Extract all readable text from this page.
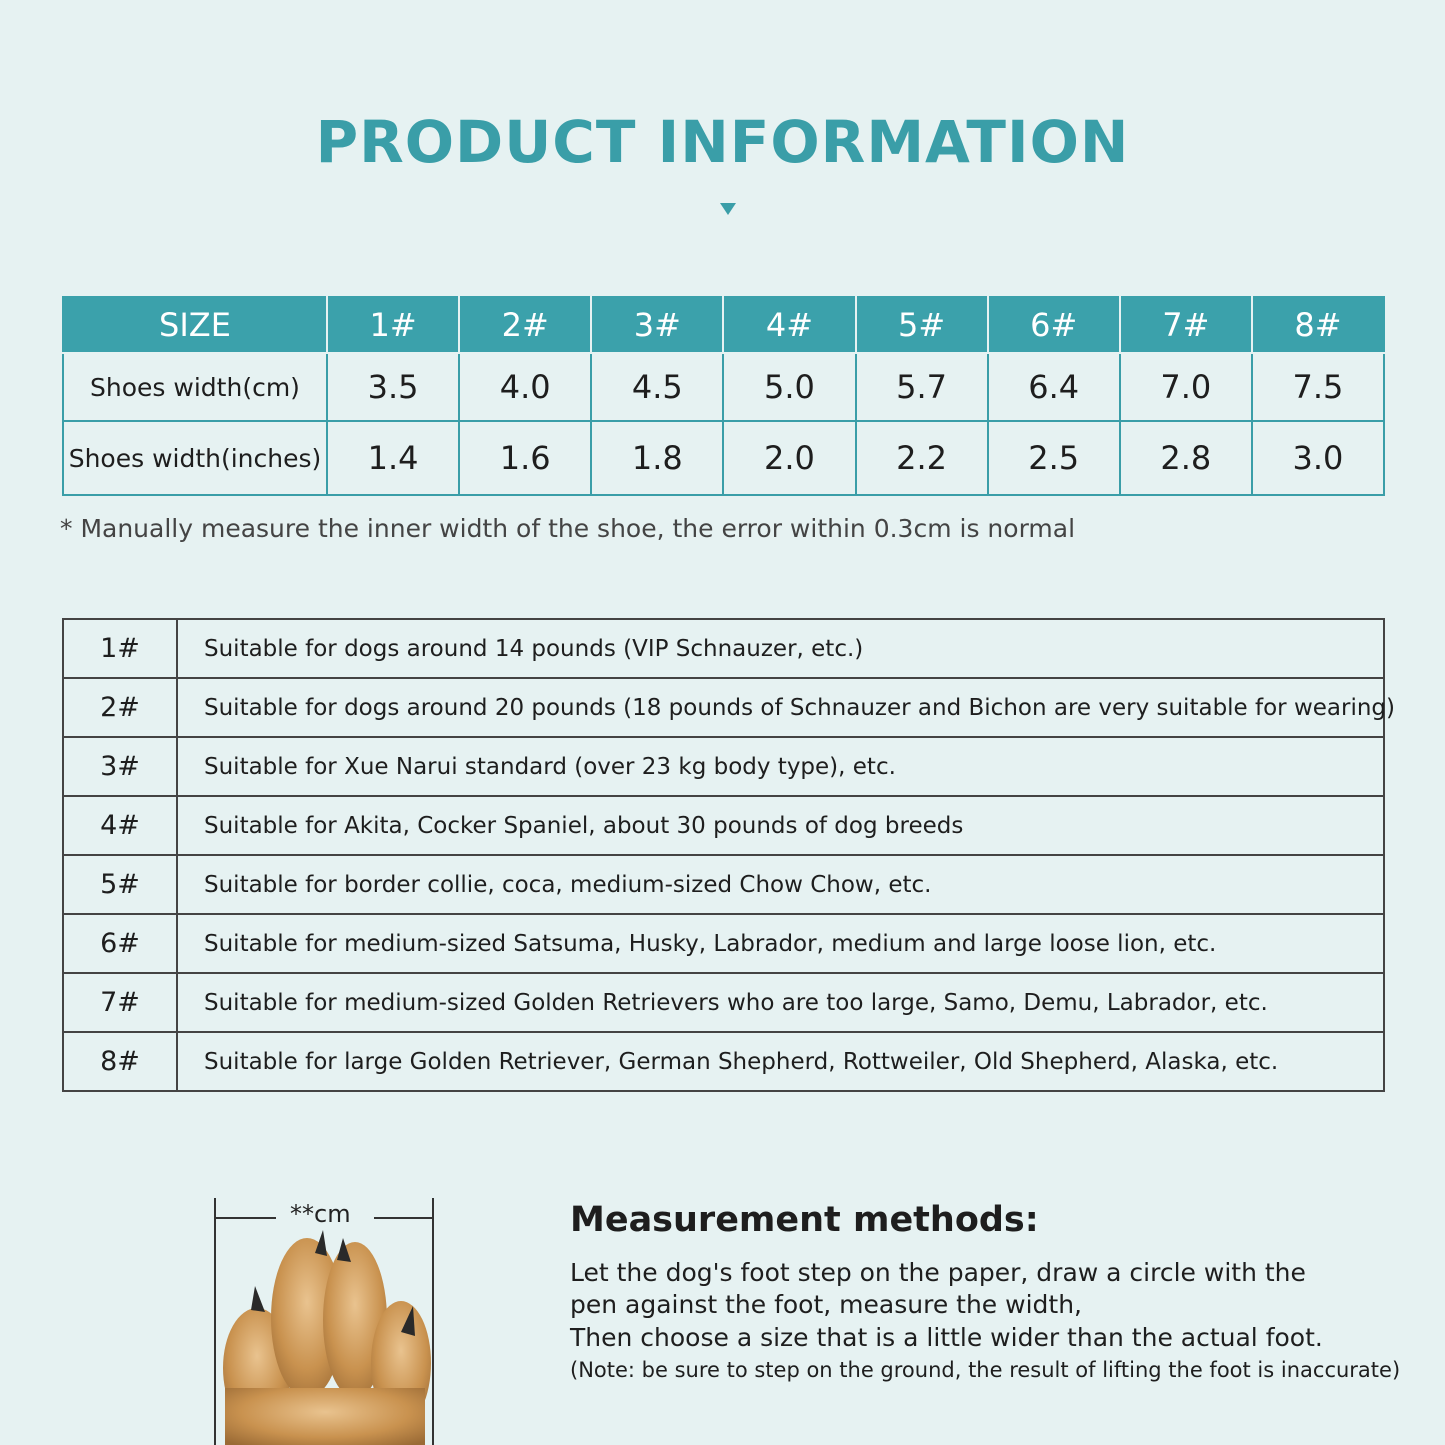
PRODUCT INFORMATION
SIZE	1#	2#	3#	4#	5#	6#	7#	8#
Shoes width(cm)	3.5	4.0	4.5	5.0	5.7	6.4	7.0	7.5
Shoes width(inches)	1.4	1.6	1.8	2.0	2.2	2.5	2.8	3.0
* Manually measure the inner width of the shoe, the error within 0.3cm is normal
1#	Suitable for dogs around 14 pounds (VIP Schnauzer, etc.)
2#	Suitable for dogs around 20 pounds (18 pounds of Schnauzer and Bichon are very suitable for wearing)
3#	Suitable for Xue Narui standard (over 23 kg body type), etc.
4#	Suitable for Akita, Cocker Spaniel, about 30 pounds of dog breeds
5#	Suitable for border collie, coca, medium-sized Chow Chow, etc.
6#	Suitable for medium-sized Satsuma, Husky, Labrador, medium and large loose lion, etc.
7#	Suitable for medium-sized Golden Retrievers who are too large, Samo, Demu, Labrador, etc.
8#	Suitable for large Golden Retriever, German Shepherd, Rottweiler, Old Shepherd, Alaska, etc.
**cm	Measurement methods:
Let the dog's foot step on the paper, draw a circle with the
pen against the foot, measure the width,
Then choose a size that is a little wider than the actual foot.
(Note: be sure to step on the ground, the result of lifting the foot is inaccurate)
